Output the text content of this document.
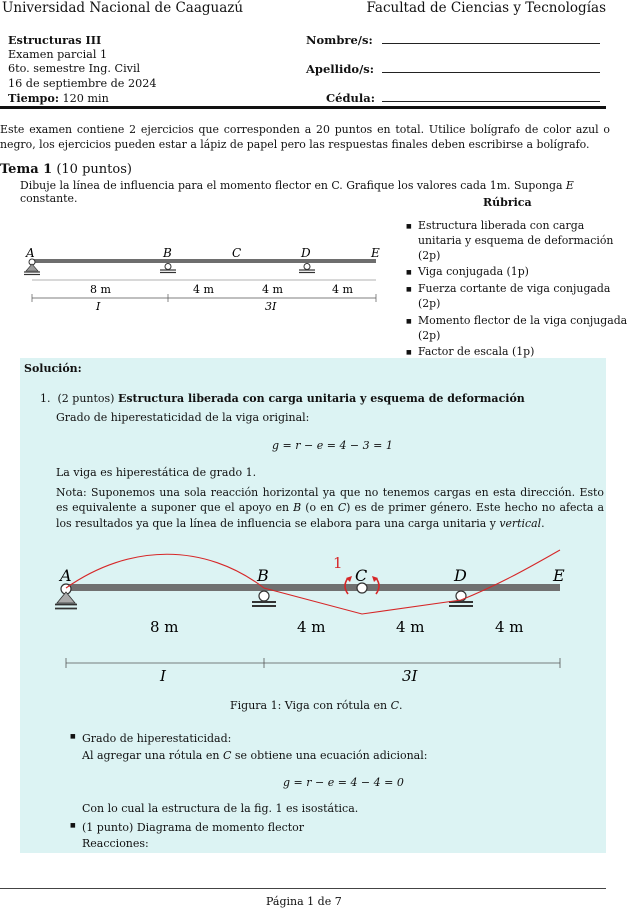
Universidad Nacional de Caaguazú	Facultad de Ciencias y Tecnologías
Estructuras III
Examen parcial 1
6to. semestre Ing. Civil
16 de septiembre de 2024
Tiempo: 120 min
Nombre/s:
Apellido/s:
Cédula:

Este examen contiene 2 ejercicios que corresponden a 20 puntos en total. Utilice bolígrafo de color azul o negro, los ejercicios pueden estar a lápiz de papel pero las respuestas finales deben escribirse a bolígrafo.

Tema 1 (10 puntos)
Dibuje la línea de influencia para el momento flector en C. Grafique los valores cada 1m. Suponga E constante.	Rúbrica
■ Estructura liberada con carga unitaria y esquema de deformación (2p)
■ Viga conjugada (1p)
■ Fuerza cortante de viga conjugada (2p)
■ Momento flector de la viga conjugada (2p)
■ Factor de escala (1p)
■
A	B	C	D	E
8 m	4 m	4 m	4 m
I	3I
Solución:
1. (2 puntos) Estructura liberada con carga unitaria y esquema de deformación
Grado de hiperestaticidad de la viga original:
g = r − e = 4 − 3 = 1
La viga es hiperestática de grado 1.
Nota: Suponemos una sola reacción horizontal ya que no tenemos cargas en esta dirección. Esto es equivalente a suponer que el apoyo en B (o en C) es de primer género. Este hecho no afecta a los resultados ya que la línea de influencia se elabora para una carga unitaria y vertical.
1
A	B	C	D	E
8 m	4 m	4 m	4 m
I	3I
Figura 1: Viga con rótula en C.
■ Grado de hiperestaticidad:
Al agregar una rótula en C se obtiene una ecuación adicional:
g = r − e = 4 − 4 = 0
Con lo cual la estructura de la fig. 1 es isostática.
■ (1 punto) Diagrama de momento flector
Reacciones:
Página 1 de 7
